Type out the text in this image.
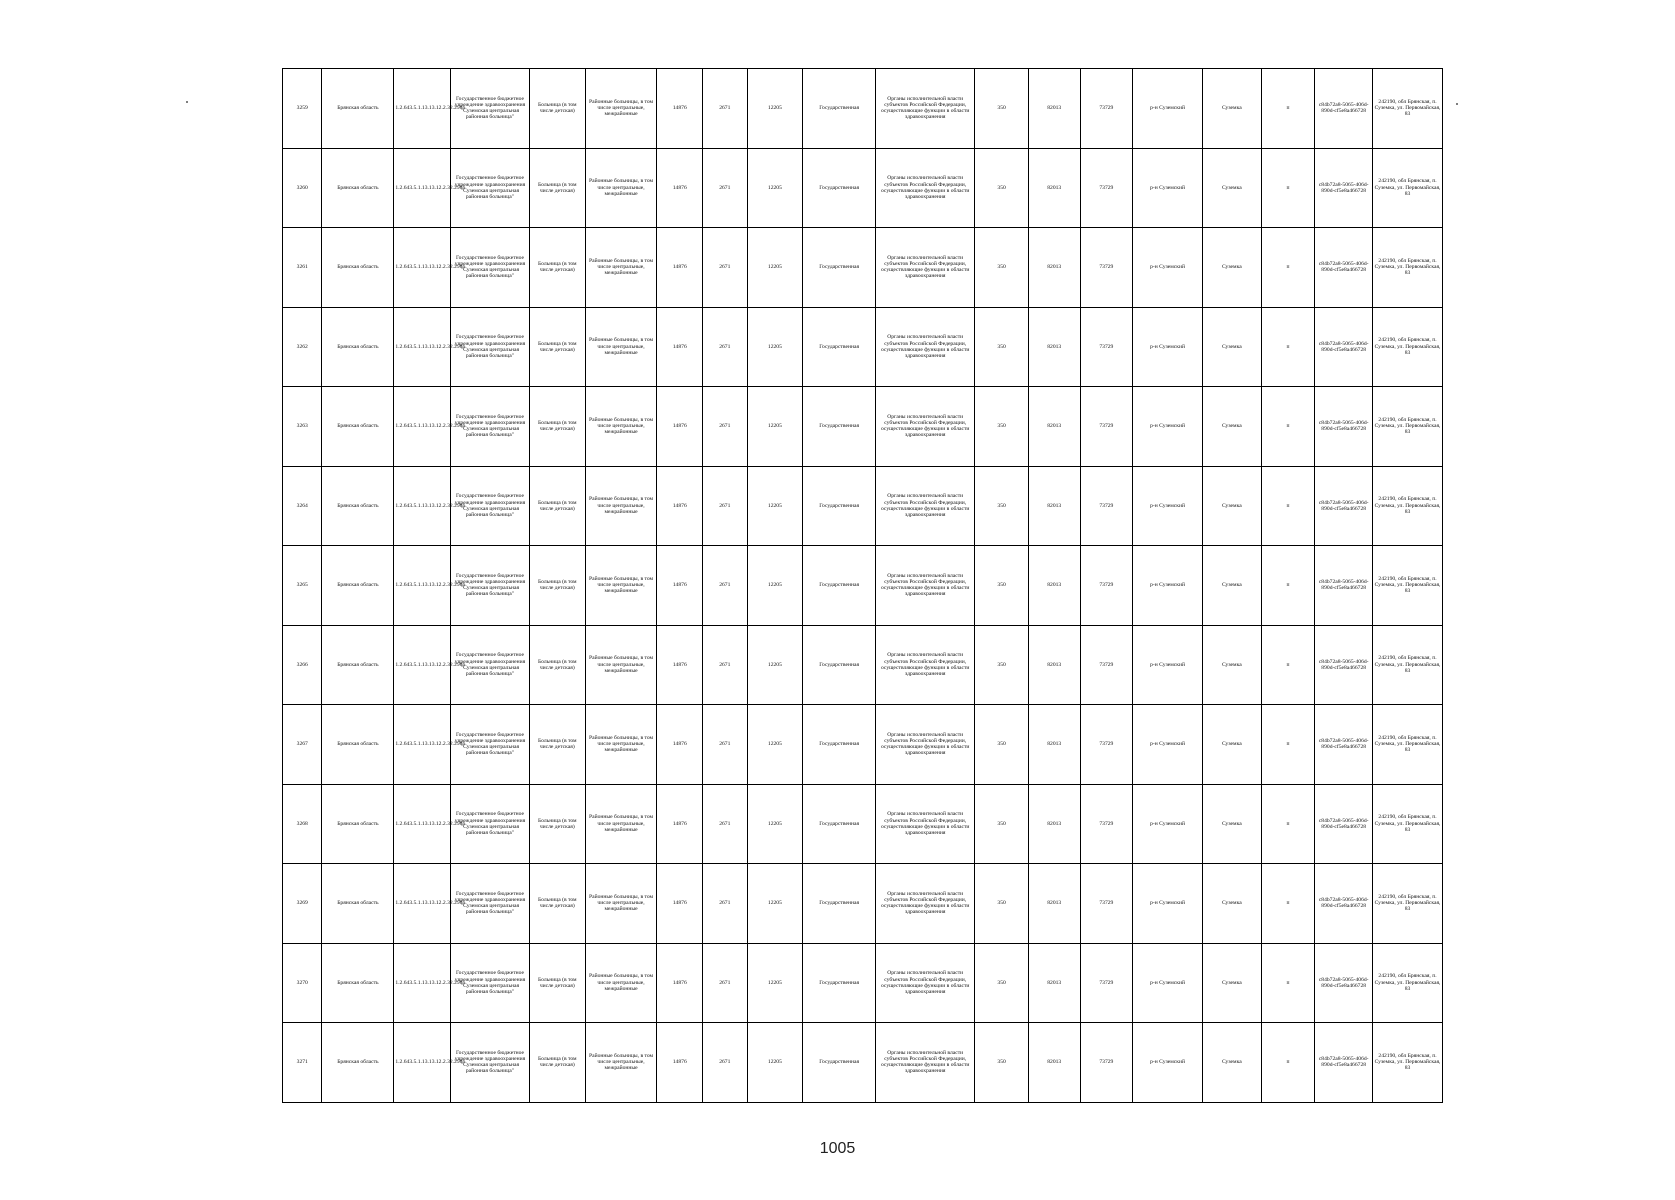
3259	Брянская область	1.2.643.5.1.13.13.12.2.32.2986	Государственное бюджетное учреждение здравоохранения "Суземская центральная районная больница"	Больница (в том числе детская)	Районные больницы, в том числе центральные, межрайонные	14876	2671	12205	Государственная	Органы исполнительной власти субъектов Российской Федерации, осуществляющие функции в области здравоохранения	350	82013	73729	р-н Суземский	Суземка	п	c84b72a8-5065-406d-890d-cf5e8a466728	242190, обл Брянская, п. Суземка, ул. Первомайская, 83
3260	Брянская область	1.2.643.5.1.13.13.12.2.32.2986	Государственное бюджетное учреждение здравоохранения "Суземская центральная районная больница"	Больница (в том числе детская)	Районные больницы, в том числе центральные, межрайонные	14876	2671	12205	Государственная	Органы исполнительной власти субъектов Российской Федерации, осуществляющие функции в области здравоохранения	350	82013	73729	р-н Суземский	Суземка	п	c84b72a8-5065-406d-890d-cf5e8a466728	242190, обл Брянская, п. Суземка, ул. Первомайская, 83
3261	Брянская область	1.2.643.5.1.13.13.12.2.32.2986	Государственное бюджетное учреждение здравоохранения "Суземская центральная районная больница"	Больница (в том числе детская)	Районные больницы, в том числе центральные, межрайонные	14876	2671	12205	Государственная	Органы исполнительной власти субъектов Российской Федерации, осуществляющие функции в области здравоохранения	350	82013	73729	р-н Суземский	Суземка	п	c84b72a8-5065-406d-890d-cf5e8a466728	242190, обл Брянская, п. Суземка, ул. Первомайская, 83
3262	Брянская область	1.2.643.5.1.13.13.12.2.32.2986	Государственное бюджетное учреждение здравоохранения "Суземская центральная районная больница"	Больница (в том числе детская)	Районные больницы, в том числе центральные, межрайонные	14876	2671	12205	Государственная	Органы исполнительной власти субъектов Российской Федерации, осуществляющие функции в области здравоохранения	350	82013	73729	р-н Суземский	Суземка	п	c84b72a8-5065-406d-890d-cf5e8a466728	242190, обл Брянская, п. Суземка, ул. Первомайская, 83
3263	Брянская область	1.2.643.5.1.13.13.12.2.32.2986	Государственное бюджетное учреждение здравоохранения "Суземская центральная районная больница"	Больница (в том числе детская)	Районные больницы, в том числе центральные, межрайонные	14876	2671	12205	Государственная	Органы исполнительной власти субъектов Российской Федерации, осуществляющие функции в области здравоохранения	350	82013	73729	р-н Суземский	Суземка	п	c84b72a8-5065-406d-890d-cf5e8a466728	242190, обл Брянская, п. Суземка, ул. Первомайская, 83
3264	Брянская область	1.2.643.5.1.13.13.12.2.32.2986	Государственное бюджетное учреждение здравоохранения "Суземская центральная районная больница"	Больница (в том числе детская)	Районные больницы, в том числе центральные, межрайонные	14876	2671	12205	Государственная	Органы исполнительной власти субъектов Российской Федерации, осуществляющие функции в области здравоохранения	350	82013	73729	р-н Суземский	Суземка	п	c84b72a8-5065-406d-890d-cf5e8a466728	242190, обл Брянская, п. Суземка, ул. Первомайская, 83
3265	Брянская область	1.2.643.5.1.13.13.12.2.32.2986	Государственное бюджетное учреждение здравоохранения "Суземская центральная районная больница"	Больница (в том числе детская)	Районные больницы, в том числе центральные, межрайонные	14876	2671	12205	Государственная	Органы исполнительной власти субъектов Российской Федерации, осуществляющие функции в области здравоохранения	350	82013	73729	р-н Суземский	Суземка	п	c84b72a8-5065-406d-890d-cf5e8a466728	242190, обл Брянская, п. Суземка, ул. Первомайская, 83
3266	Брянская область	1.2.643.5.1.13.13.12.2.32.2986	Государственное бюджетное учреждение здравоохранения "Суземская центральная районная больница"	Больница (в том числе детская)	Районные больницы, в том числе центральные, межрайонные	14876	2671	12205	Государственная	Органы исполнительной власти субъектов Российской Федерации, осуществляющие функции в области здравоохранения	350	82013	73729	р-н Суземский	Суземка	п	c84b72a8-5065-406d-890d-cf5e8a466728	242190, обл Брянская, п. Суземка, ул. Первомайская, 83
3267	Брянская область	1.2.643.5.1.13.13.12.2.32.2986	Государственное бюджетное учреждение здравоохранения "Суземская центральная районная больница"	Больница (в том числе детская)	Районные больницы, в том числе центральные, межрайонные	14876	2671	12205	Государственная	Органы исполнительной власти субъектов Российской Федерации, осуществляющие функции в области здравоохранения	350	82013	73729	р-н Суземский	Суземка	п	c84b72a8-5065-406d-890d-cf5e8a466728	242190, обл Брянская, п. Суземка, ул. Первомайская, 83
3268	Брянская область	1.2.643.5.1.13.13.12.2.32.2986	Государственное бюджетное учреждение здравоохранения "Суземская центральная районная больница"	Больница (в том числе детская)	Районные больницы, в том числе центральные, межрайонные	14876	2671	12205	Государственная	Органы исполнительной власти субъектов Российской Федерации, осуществляющие функции в области здравоохранения	350	82013	73729	р-н Суземский	Суземка	п	c84b72a8-5065-406d-890d-cf5e8a466728	242190, обл Брянская, п. Суземка, ул. Первомайская, 83
3269	Брянская область	1.2.643.5.1.13.13.12.2.32.2986	Государственное бюджетное учреждение здравоохранения "Суземская центральная районная больница"	Больница (в том числе детская)	Районные больницы, в том числе центральные, межрайонные	14876	2671	12205	Государственная	Органы исполнительной власти субъектов Российской Федерации, осуществляющие функции в области здравоохранения	350	82013	73729	р-н Суземский	Суземка	п	c84b72a8-5065-406d-890d-cf5e8a466728	242190, обл Брянская, п. Суземка, ул. Первомайская, 83
3270	Брянская область	1.2.643.5.1.13.13.12.2.32.2986	Государственное бюджетное учреждение здравоохранения "Суземская центральная районная больница"	Больница (в том числе детская)	Районные больницы, в том числе центральные, межрайонные	14876	2671	12205	Государственная	Органы исполнительной власти субъектов Российской Федерации, осуществляющие функции в области здравоохранения	350	82013	73729	р-н Суземский	Суземка	п	c84b72a8-5065-406d-890d-cf5e8a466728	242190, обл Брянская, п. Суземка, ул. Первомайская, 83
3271	Брянская область	1.2.643.5.1.13.13.12.2.32.2986	Государственное бюджетное учреждение здравоохранения "Суземская центральная районная больница"	Больница (в том числе детская)	Районные больницы, в том числе центральные, межрайонные	14876	2671	12205	Государственная	Органы исполнительной власти субъектов Российской Федерации, осуществляющие функции в области здравоохранения	350	82013	73729	р-н Суземский	Суземка	п	c84b72a8-5065-406d-890d-cf5e8a466728	242190, обл Брянская, п. Суземка, ул. Первомайская, 83
1005
